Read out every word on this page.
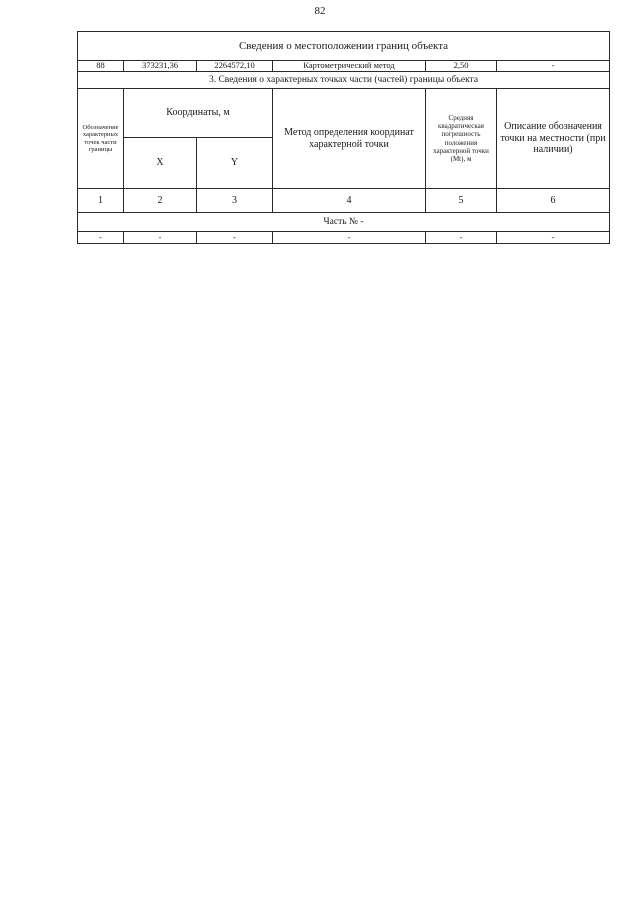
82
Сведения о местоположении границ объекта					
88	373231,36	2264572,10	Картометрический метод	2,50	-
3. Сведения о характерных точках части (частей) границы объекта					
Обозначение характерных точек части границы	Координаты, м		Метод определения координат характерной точки	Средняя квадратическая погрешность положения характерной точки (Mt), м	Описание обозначения точки на местности (при наличии)
	X	Y			
1	2	3	4	5	6
Часть № -					
-	-	-	-	-	-
